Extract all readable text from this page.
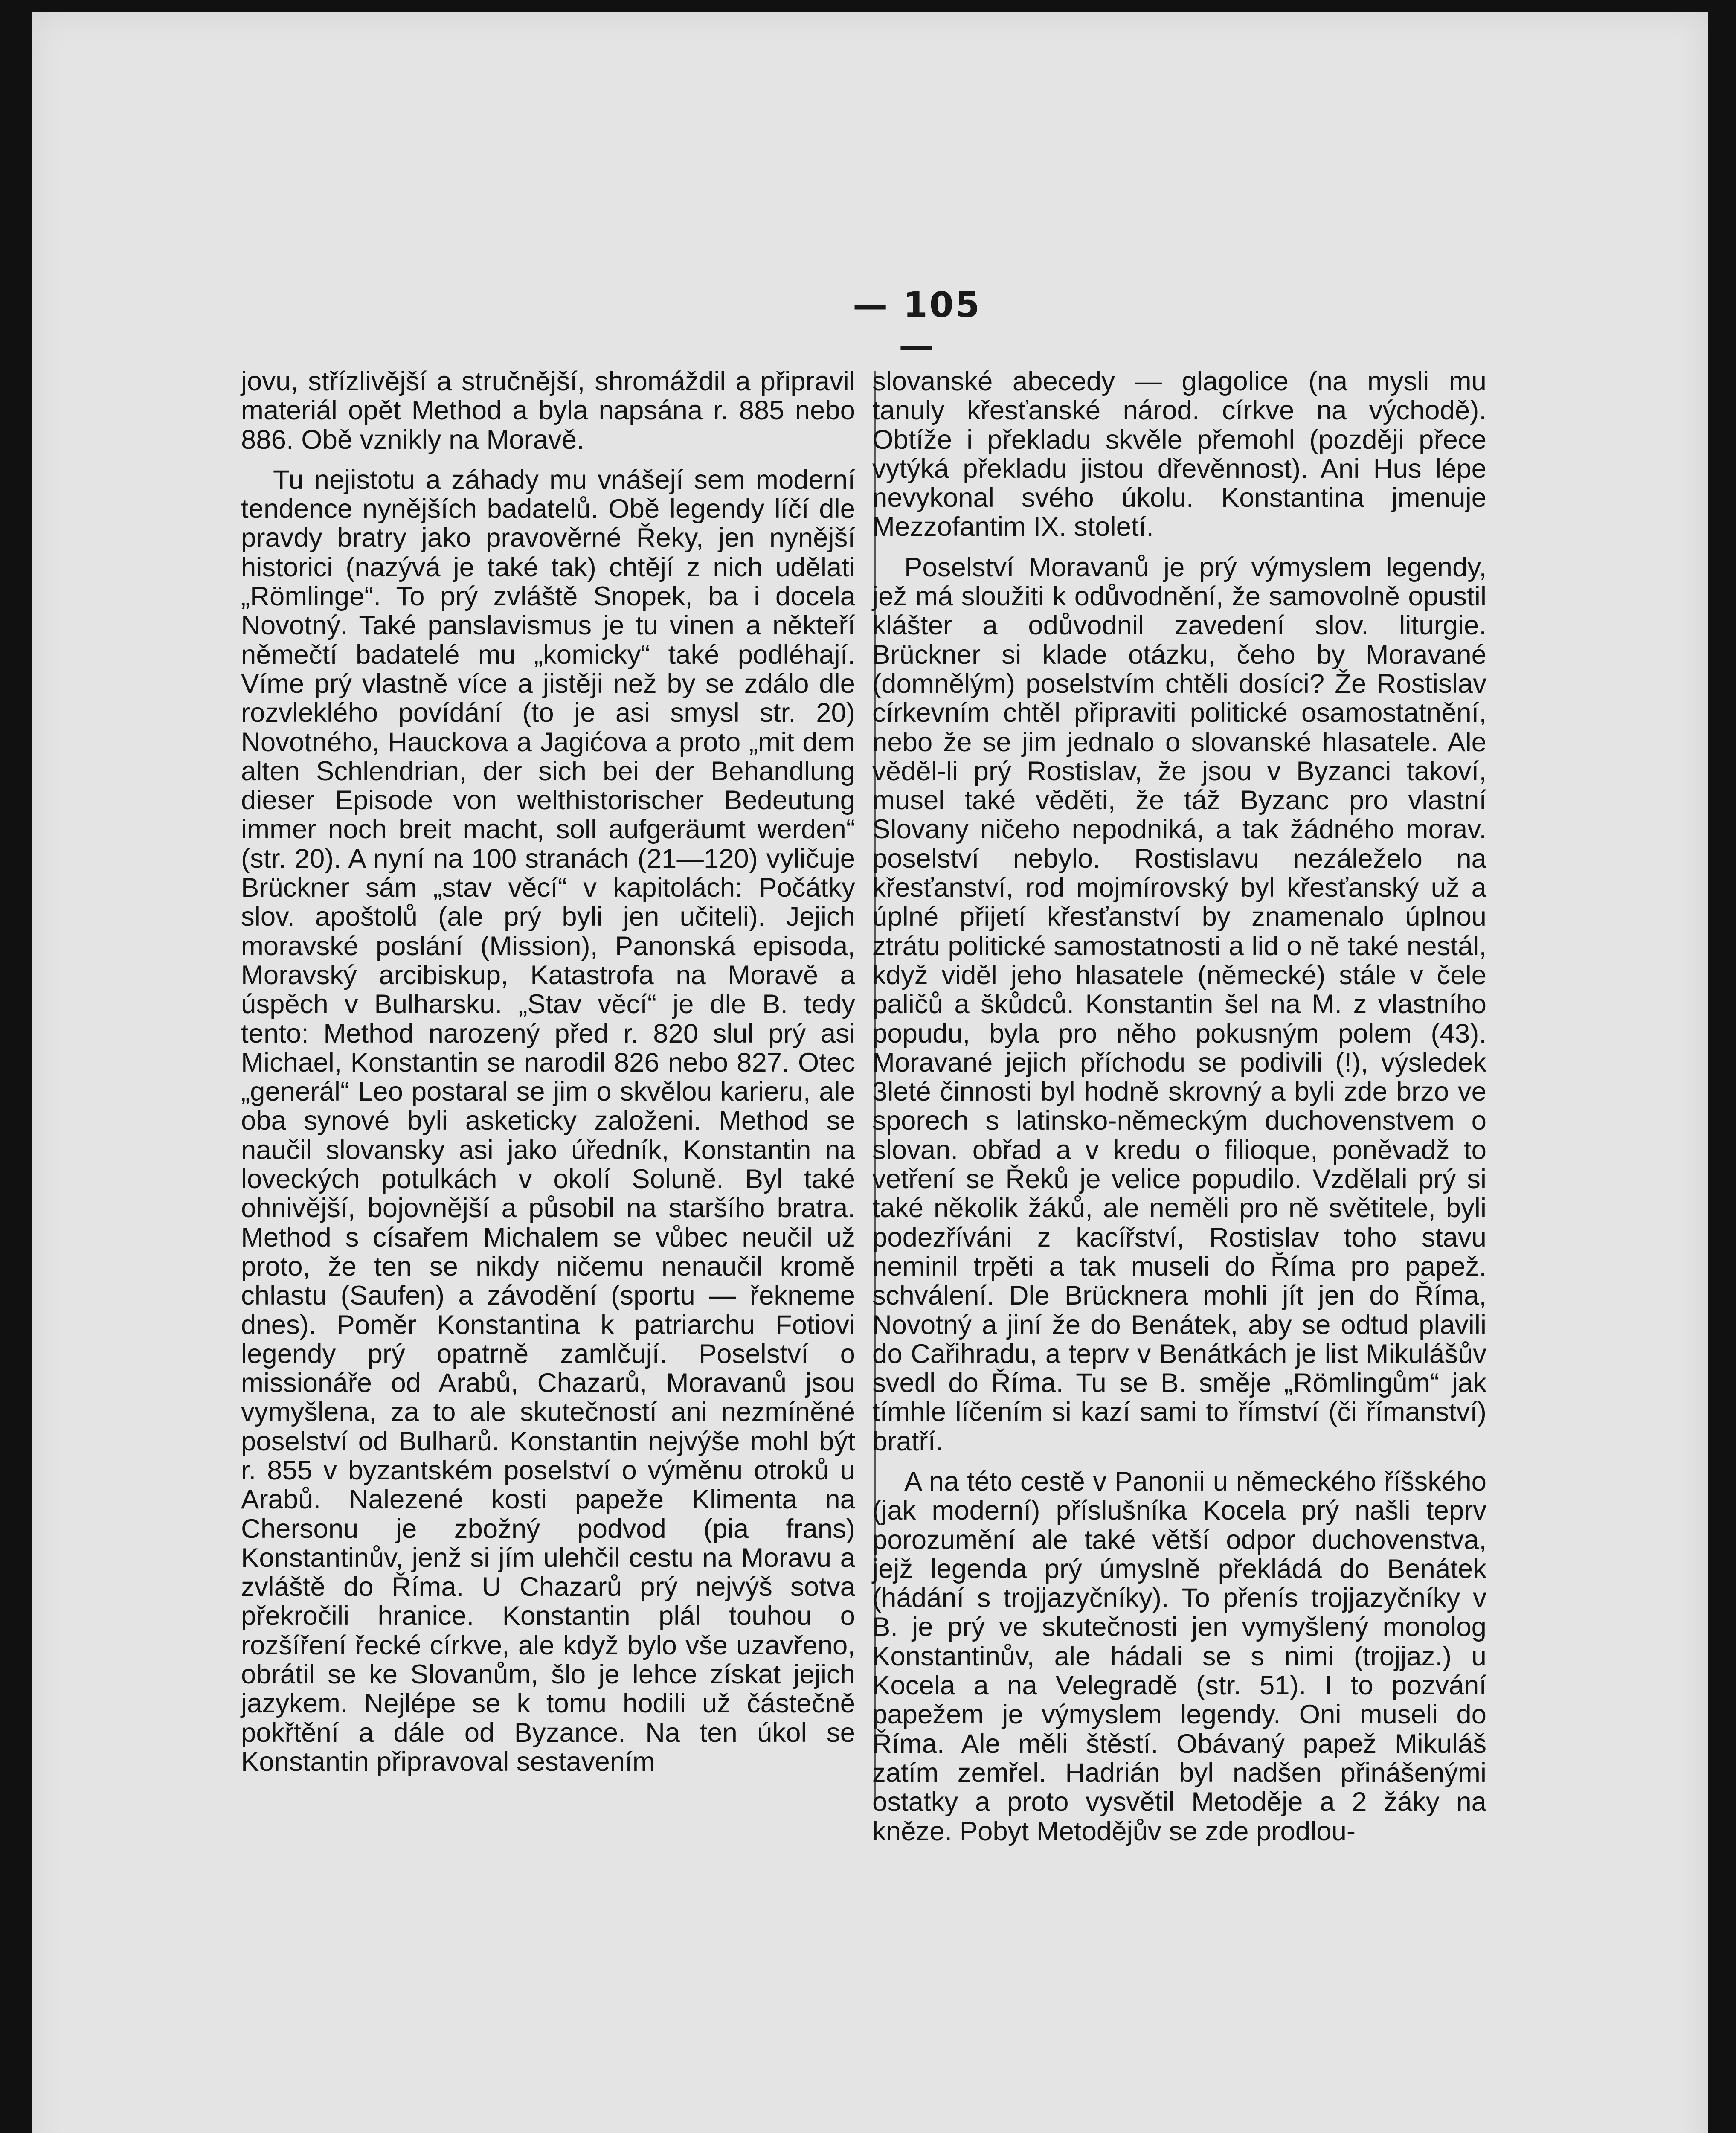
— 105 —

jovu, střízlivější a stručnější, shromáždil a připravil materiál opět Method a byla napsána r. 885 nebo 886. Obě vznikly na Moravě.

Tu nejistotu a záhady mu vnášejí sem moderní tendence nynějších badatelů. Obě legendy líčí dle pravdy bratry jako pravověrné Řeky, jen nynější historici (nazývá je také tak) chtějí z nich udělati „Römlinge“. To prý zvláště Snopek, ba i docela Novotný. Také panslavismus je tu vinen a někteří němečtí badatelé mu „komicky“ také podléhají. Víme prý vlastně více a jistěji než by se zdálo dle rozvleklého povídání (to je asi smysl str. 20) Novotného, Hauckova a Jagićova a proto „mit dem alten Schlendrian, der sich bei der Behandlung dieser Episode von welthistorischer Bedeutung immer noch breit macht, soll aufgeräumt werden“ (str. 20). A nyní na 100 stranách (21—120) vyličuje Brückner sám „stav věcí“ v kapitolách: Počátky slov. apoštolů (ale prý byli jen učiteli). Jejich moravské poslání (Mission), Panonská episoda, Moravský arcibiskup, Katastrofa na Moravě a úspěch v Bulharsku. „Stav věcí“ je dle B. tedy tento: Method narozený před r. 820 slul prý asi Michael, Konstantin se narodil 826 nebo 827. Otec „generál“ Leo postaral se jim o skvělou karieru, ale oba synové byli asketicky založeni. Method se naučil slovansky asi jako úředník, Konstantin na loveckých potulkách v okolí Soluně. Byl také ohnivější, bojovnější a působil na staršího bratra. Method s císařem Michalem se vůbec neučil už proto, že ten se nikdy ničemu nenaučil kromě chlastu (Saufen) a závodění (sportu — řekneme dnes). Poměr Konstantina k patriarchu Fotiovi legendy prý opatrně zamlčují. Poselství o missionáře od Arabů, Chazarů, Moravanů jsou vymyšlena, za to ale skutečností ani nezmíněné poselství od Bulharů. Konstantin nejvýše mohl být r. 855 v byzantském poselství o výměnu otroků u Arabů. Nalezené kosti papeže Klimenta na Chersonu je zbožný podvod (pia frans) Konstantinův, jenž si jím ulehčil cestu na Moravu a zvláště do Říma. U Chazarů prý nejvýš sotva překročili hranice. Konstantin plál touhou o rozšíření řecké církve, ale když bylo vše uzavřeno, obrátil se ke Slovanům, šlo je lehce získat jejich jazykem. Nejlépe se k tomu hodili už částečně pokřtění a dále od Byzance. Na ten úkol se Konstantin připravoval sestavením

slovanské abecedy — glagolice (na mysli mu tanuly křesťanské národ. církve na východě). Obtíže i překladu skvěle přemohl (později přece vytýká překladu jistou dřevěnnost). Ani Hus lépe nevykonal svého úkolu. Konstantina jmenuje Mezzofantim IX. století.

Poselství Moravanů je prý výmyslem legendy, jež má sloužiti k odůvodnění, že samovolně opustil klášter a odůvodnil zavedení slov. liturgie. Brückner si klade otázku, čeho by Moravané (domnělým) poselstvím chtěli dosíci? Že Rostislav církevním chtěl připraviti politické osamostatnění, nebo že se jim jednalo o slovanské hlasatele. Ale věděl-li prý Rostislav, že jsou v Byzanci takoví, musel také věděti, že táž Byzanc pro vlastní Slovany ničeho nepodniká, a tak žádného morav. poselství nebylo. Rostislavu nezáleželo na křesťanství, rod mojmírovský byl křesťanský už a úplné přijetí křesťanství by znamenalo úplnou ztrátu politické samostatnosti a lid o ně také nestál, když viděl jeho hlasatele (německé) stále v čele paličů a škůdců. Konstantin šel na M. z vlastního popudu, byla pro něho pokusným polem (43). Moravané jejich příchodu se podivili (!), výsledek 3leté činnosti byl hodně skrovný a byli zde brzo ve sporech s latinsko-německým duchovenstvem o slovan. obřad a v kredu o filioque, poněvadž to vetření se Řeků je velice popudilo. Vzdělali prý si také několik žáků, ale neměli pro ně světitele, byli podezříváni z kacířství, Rostislav toho stavu neminil trpěti a tak museli do Říma pro papež. schválení. Dle Brücknera mohli jít jen do Říma, Novotný a jiní že do Benátek, aby se odtud plavili do Cařihradu, a teprv v Benátkách je list Mikulášův svedl do Říma. Tu se B. směje „Römlingům“ jak tímhle líčením si kazí sami to římství (či římanství) bratří.

A na této cestě v Panonii u německého říšského (jak moderní) příslušníka Kocela prý našli teprv porozumění ale také větší odpor duchovenstva, jejž legenda prý úmyslně překládá do Benátek (hádání s trojjazyčníky). To přenís trojjazyčníky v B. je prý ve skutečnosti jen vymyšlený monolog Konstantinův, ale hádali se s nimi (trojjaz.) u Kocela a na Velegradě (str. 51). I to pozvání papežem je výmyslem legendy. Oni museli do Říma. Ale měli štěstí. Obávaný papež Mikuláš zatím zemřel. Hadrián byl nadšen přinášenými ostatky a proto vysvětil Metoděje a 2 žáky na kněze. Pobyt Metodějův se zde prodlou-
